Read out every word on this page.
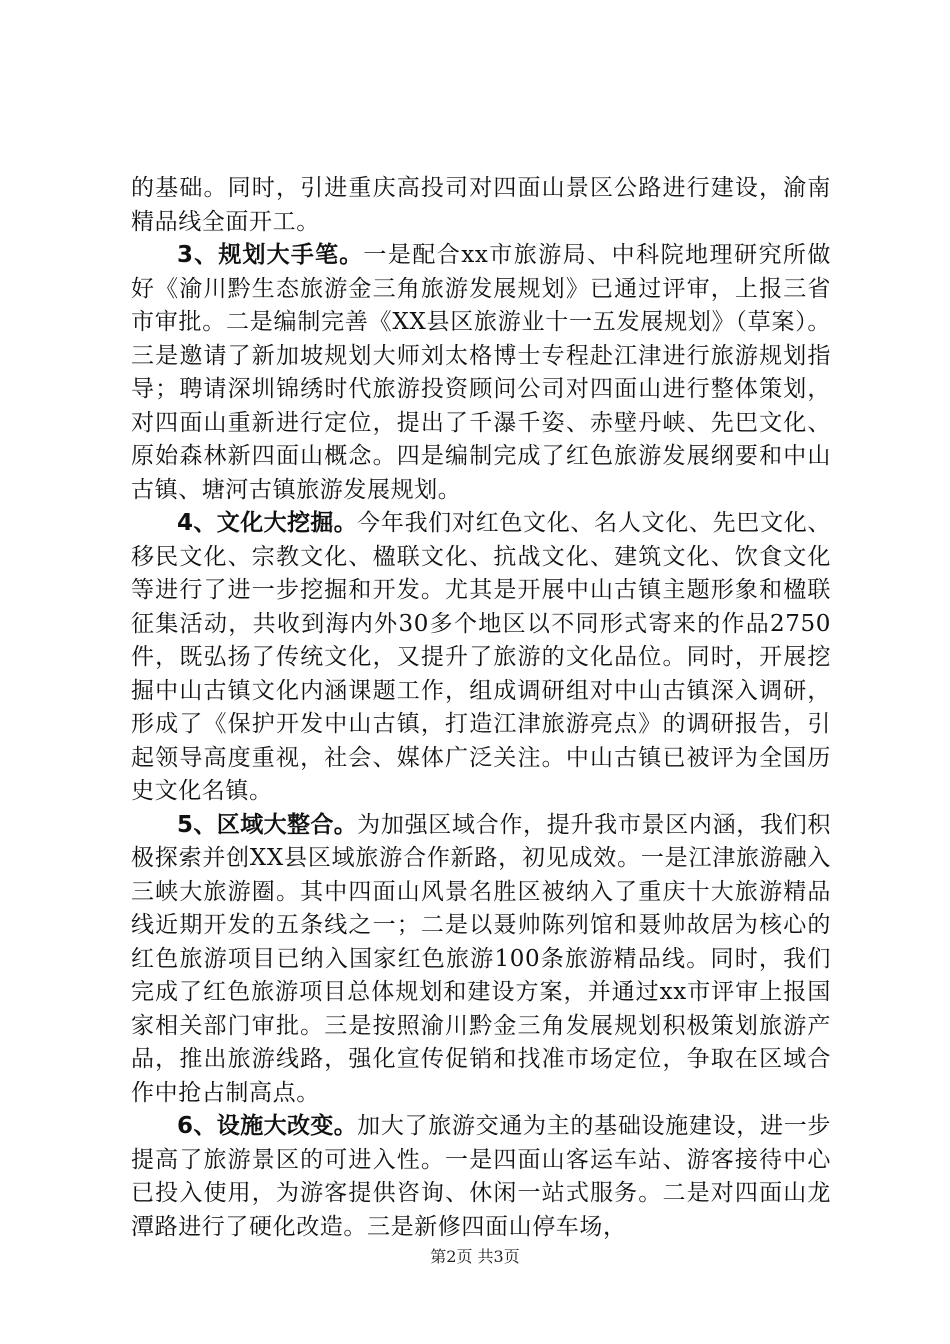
的基础。同时，引进重庆高投司对四面山景区公路进行建设，渝南精品线全面开工。

3、规划大手笔。一是配合xx市旅游局、中科院地理研究所做好《渝川黔生态旅游金三角旅游发展规划》已通过评审，上报三省市审批。二是编制完善《XX县区旅游业十一五发展规划》（草案）。三是邀请了新加坡规划大师刘太格博士专程赴江津进行旅游规划指导；聘请深圳锦绣时代旅游投资顾问公司对四面山进行整体策划，对四面山重新进行定位，提出了千瀑千姿、赤壁丹峡、先巴文化、原始森林新四面山概念。四是编制完成了红色旅游发展纲要和中山古镇、塘河古镇旅游发展规划。

4、文化大挖掘。今年我们对红色文化、名人文化、先巴文化、移民文化、宗教文化、楹联文化、抗战文化、建筑文化、饮食文化等进行了进一步挖掘和开发。尤其是开展中山古镇主题形象和楹联征集活动，共收到海内外30多个地区以不同形式寄来的作品2750件，既弘扬了传统文化，又提升了旅游的文化品位。同时，开展挖掘中山古镇文化内涵课题工作，组成调研组对中山古镇深入调研，形成了《保护开发中山古镇，打造江津旅游亮点》的调研报告，引起领导高度重视，社会、媒体广泛关注。中山古镇已被评为全国历史文化名镇。

5、区域大整合。为加强区域合作，提升我市景区内涵，我们积极探索并创XX县区域旅游合作新路，初见成效。一是江津旅游融入三峡大旅游圈。其中四面山风景名胜区被纳入了重庆十大旅游精品线近期开发的五条线之一；二是以聂帅陈列馆和聂帅故居为核心的红色旅游项目已纳入国家红色旅游100条旅游精品线。同时，我们完成了红色旅游项目总体规划和建设方案，并通过xx市评审上报国家相关部门审批。三是按照渝川黔金三角发展规划积极策划旅游产品，推出旅游线路，强化宣传促销和找准市场定位，争取在区域合作中抢占制高点。

6、设施大改变。加大了旅游交通为主的基础设施建设，进一步提高了旅游景区的可进入性。一是四面山客运车站、游客接待中心已投入使用，为游客提供咨询、休闲一站式服务。二是对四面山龙潭路进行了硬化改造。三是新修四面山停车场，

第2页 共3页
